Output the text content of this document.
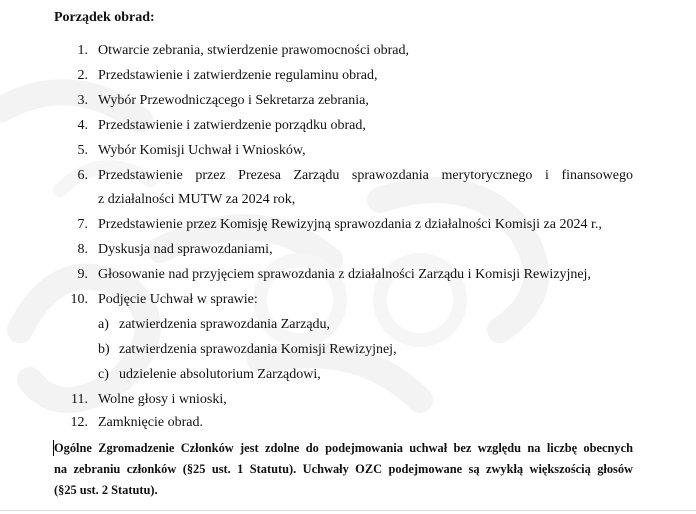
Porządek obrad:
1. Otwarcie zebrania, stwierdzenie prawomocności obrad,
2. Przedstawienie i zatwierdzenie regulaminu obrad,
3. Wybór Przewodniczącego i Sekretarza zebrania,
4. Przedstawienie i zatwierdzenie porządku obrad,
5. Wybór Komisji Uchwał i Wniosków,
6. Przedstawienie przez Prezesa Zarządu sprawozdania merytorycznego i finansowego
z działalności MUTW za 2024 rok,
7. Przedstawienie przez Komisję Rewizyjną sprawozdania z działalności Komisji za 2024 r.,
8. Dyskusja nad sprawozdaniami,
9. Głosowanie nad przyjęciem sprawozdania z działalności Zarządu i Komisji Rewizyjnej,
10. Podjęcie Uchwał w sprawie:
a) zatwierdzenia sprawozdania Zarządu,
b) zatwierdzenia sprawozdania Komisji Rewizyjnej,
c) udzielenie absolutorium Zarządowi,
11. Wolne głosy i wnioski,
12. Zamknięcie obrad.
Ogólne Zgromadzenie Członków jest zdolne do podejmowania uchwał bez względu na liczbę obecnych
na zebraniu członków (§25 ust. 1 Statutu). Uchwały OZC podejmowane są zwykłą większością głosów
(§25 ust. 2 Statutu).
